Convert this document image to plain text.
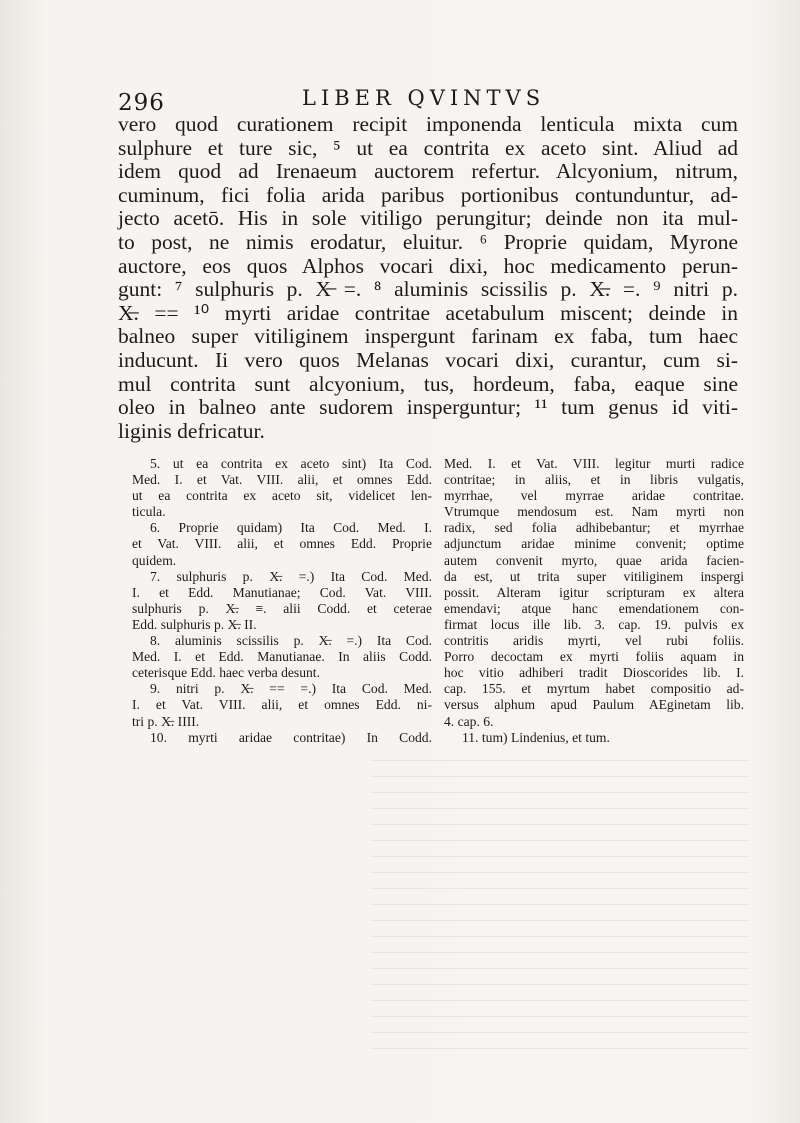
296	LIBER QVINTVS
vero quod curationem recipit imponenda lenticula mixta cum
sulphure et ture sic, ⁵ ut ea contrita ex aceto sint. Aliud ad
idem quod ad Irenaeum auctorem refertur. Alcyonium, nitrum,
cuminum, fici folia arida paribus portionibus contunduntur, ad-
jecto acetō. His in sole vitiligo perungitur; deinde non ita mul-
to post, ne nimis erodatur, eluitur. ⁶ Proprie quidam, Myrone
auctore, eos quos Alphos vocari dixi, hoc medicamento perun-
gunt: ⁷ sulphuris p. X̶ =. ⁸ aluminis scissilis p. X̶. =. ⁹ nitri p.
X̶. == ¹⁰ myrti aridae contritae acetabulum miscent; deinde in
balneo super vitiliginem inspergunt farinam ex faba, tum haec
inducunt. Ii vero quos Melanas vocari dixi, curantur, cum si-
mul contrita sunt alcyonium, tus, hordeum, faba, eaque sine
oleo in balneo ante sudorem insperguntur; ¹¹ tum genus id viti-
liginis defricatur.
5. ut ea contrita ex aceto sint) Ita Cod.
Med. I. et Vat. VIII. alii, et omnes Edd.
ut ea contrita ex aceto sit, videlicet len-
ticula.
6. Proprie quidam) Ita Cod. Med. I.
et Vat. VIII. alii, et omnes Edd. Proprie
quidem.
7. sulphuris p. X̶. =.) Ita Cod. Med.
I. et Edd. Manutianae; Cod. Vat. VIII.
sulphuris p. X̶. ≡. alii Codd. et ceterae
Edd. sulphuris p. X̶. II.
8. aluminis scissilis p. X̶. =.) Ita Cod.
Med. I. et Edd. Manutianae. In aliis Codd.
ceterisque Edd. haec verba desunt.
9. nitri p. X̶. == =.) Ita Cod. Med.
I. et Vat. VIII. alii, et omnes Edd. ni-
tri p. X̶. IIII.
10. myrti aridae contritae) In Codd.
Med. I. et Vat. VIII. legitur murti radice
contritae; in aliis, et in libris vulgatis,
myrrhae, vel myrrae aridae contritae.
Vtrumque mendosum est. Nam myrti non
radix, sed folia adhibebantur; et myrrhae
adjunctum aridae minime convenit; optime
autem convenit myrto, quae arida facien-
da est, ut trita super vitiliginem inspergi
possit. Alteram igitur scripturam ex altera
emendavi; atque hanc emendationem con-
firmat locus ille lib. 3. cap. 19. pulvis ex
contritis aridis myrti, vel rubi foliis.
Porro decoctam ex myrti foliis aquam in
hoc vitio adhiberi tradit Dioscorides lib. I.
cap. 155. et myrtum habet compositio ad-
versus alphum apud Paulum AEginetam lib.
4. cap. 6.
11. tum) Lindenius, et tum.
